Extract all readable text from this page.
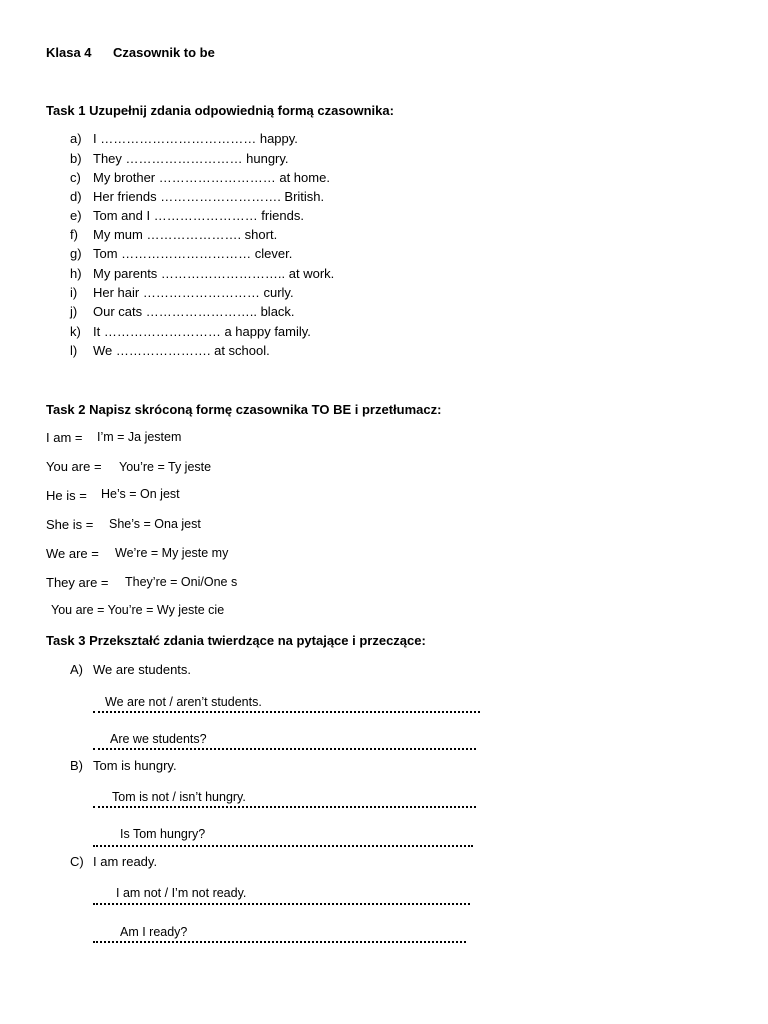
Klasa 4 Czasownik to be
Task 1 Uzupełnij zdania odpowiednią formą czasownika:
a) I ……………………………… happy.
b) They ……………………… hungry.
c) My brother ……………………… at home.
d) Her friends ………………………. British.
e) Tom and I …………………… friends.
f) My mum …………………. short.
g) Tom ………………………… clever.
h) My parents ……………………….. at work.
i) Her hair ……………………… curly.
j) Our cats …………………….. black.
k) It ……………………… a happy family.
l) We …………………. at school.
Task 2 Napisz skróconą formę czasownika TO BE i przetłumacz:
I am = I’m = Ja jestem
You are = You’re = Ty jeste
He is = He’s = On jest
She is = She’s = Ona jest
We are = We’re = My jeste my
They are = They’re = Oni/One s
You are = You’re = Wy jeste cie
Task 3 Przekształć zdania twierdzące na pytające i przeczące:
A) We are students.
We are not / aren’t students.
Are we students?
B) Tom is hungry.
Tom is not / isn’t hungry.
Is Tom hungry?
C) I am ready.
I am not / I’m not ready.
Am I ready?
